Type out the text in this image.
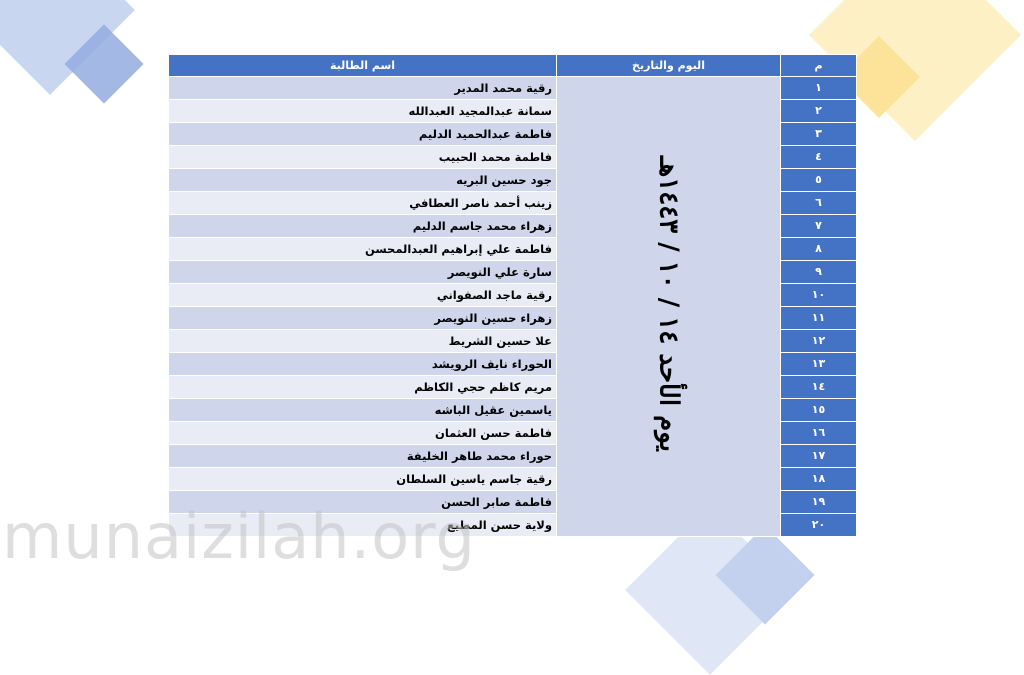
م	اليوم والتاريخ	اسم الطالبة
١	يوم الأحد ١٤ / ١٠ / ١٤٤٣هـ	رقية محمد المدير
٢		سمانة عبدالمجيد العبدالله
٣		فاطمة عبدالحميد الدليم
٤		فاطمة محمد الحبيب
٥		جود حسين البريه
٦		زينب أحمد ناصر العطافي
٧		زهراء محمد جاسم الدليم
٨		فاطمة علي إبراهيم العبدالمحسن
٩		سارة علي النويصر
١٠		رقية ماجد الصفواني
١١		زهراء حسين النويصر
١٢		علا حسين الشريط
١٣		الحوراء نايف الرويشد
١٤		مريم كاظم حجي الكاظم
١٥		ياسمين عقيل الباشه
١٦		فاطمة حسن العثمان
١٧		حوراء محمد طاهر الخليفة
١٨		رقية جاسم ياسين السلطان
١٩		فاطمة صابر الحسن
٢٠		ولاية حسن المطيع
munaizilah.org
